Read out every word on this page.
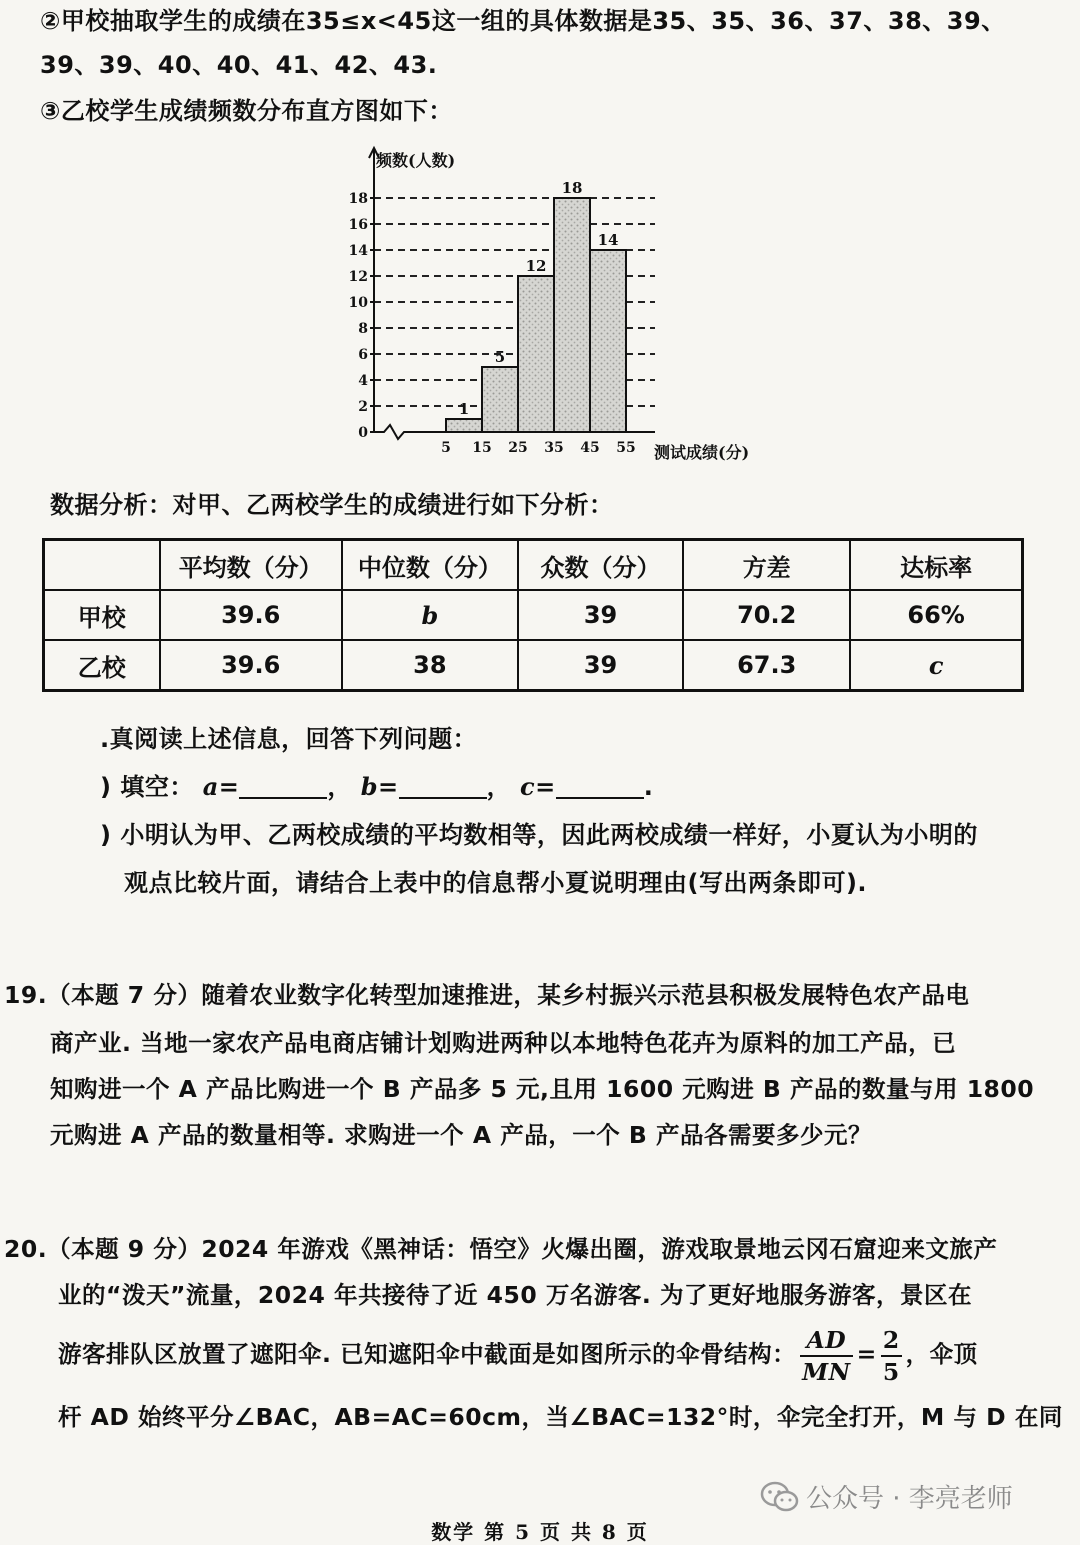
②甲校抽取学生的成绩在35≤x<45这一组的具体数据是35、35、36、37、38、39、
39、39、40、40、41、42、43.
③乙校学生成绩频数分布直方图如下：
0
2
4
6
8
10
12
14
16
18
1
5
12
18
14
5 15 25 35 45 55
频数(人数)
测试成绩(分)
数据分析：对甲、乙两校学生的成绩进行如下分析：
	平均数（分）	中位数（分）	众数（分）	方差	达标率
甲校	39.6	b	39	70.2	66%
乙校	39.6	38	39	67.3	c
.真阅读上述信息，回答下列问题：
) 填空： a=	， b=	， c=	.
) 小明认为甲、乙两校成绩的平均数相等，因此两校成绩一样好，小夏认为小明的
观点比较片面，请结合上表中的信息帮小夏说明理由(写出两条即可).
19.（本题 7 分）随着农业数字化转型加速推进，某乡村振兴示范县积极发展特色农产品电
商产业. 当地一家农产品电商店铺计划购进两种以本地特色花卉为原料的加工产品，已
知购进一个 A 产品比购进一个 B 产品多 5 元,且用 1600 元购进 B 产品的数量与用 1800
元购进 A 产品的数量相等. 求购进一个 A 产品，一个 B 产品各需要多少元？
20.（本题 9 分）2024 年游戏《黑神话：悟空》火爆出圈，游戏取景地云冈石窟迎来文旅产
业的“泼天”流量，2024 年共接待了近 450 万名游客. 为了更好地服务游客，景区在
游客排队区放置了遮阳伞. 已知遮阳伞中截面是如图所示的伞骨结构： $\frac{AD}{MN} = \frac{2}{5}$ ，伞顶
杆 AD 始终平分∠BAC，AB=AC=60cm，当∠BAC=132°时，伞完全打开，M 与 D 在同
公众号 · 李亮老师
数学 第 5 页 共 8 页
